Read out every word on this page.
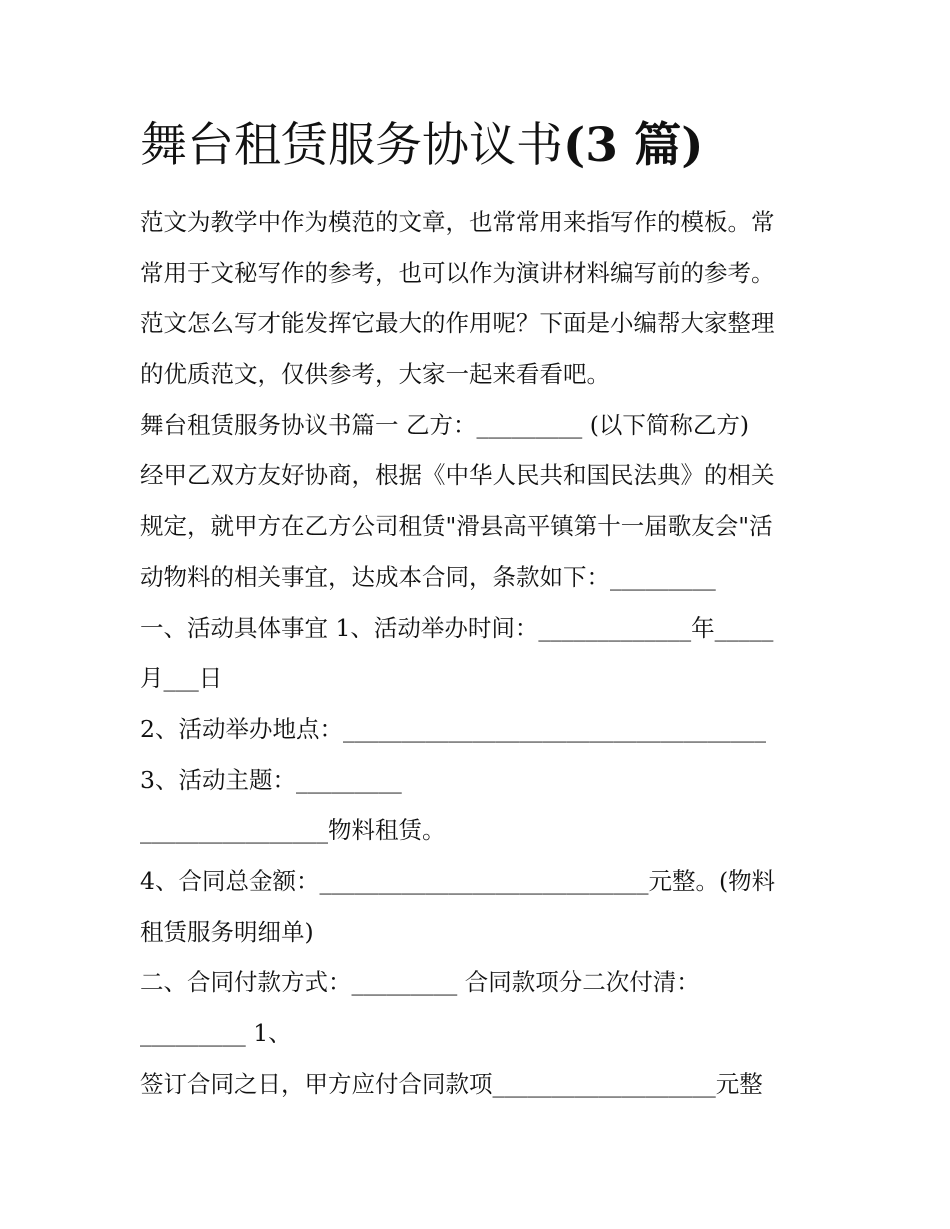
舞台租赁服务协议书(3 篇)
范文为教学中作为模范的文章，也常常用来指写作的模板。常
常用于文秘写作的参考，也可以作为演讲材料编写前的参考。
范文怎么写才能发挥它最大的作用呢？下面是小编帮大家整理
的优质范文，仅供参考，大家一起来看看吧。
舞台租赁服务协议书篇一 乙方：_________ (以下简称乙方)
经甲乙双方友好协商，根据《中华人民共和国民法典》的相关
规定，就甲方在乙方公司租赁"滑县高平镇第十一届歌友会"活
动物料的相关事宜，达成本合同，条款如下：_________
一、活动具体事宜 1、活动举办时间：_____________年_____
月___日
2、活动举办地点：____________________________________
3、活动主题：_________
________________物料租赁。
4、合同总金额：____________________________元整。(物料
租赁服务明细单)
二、合同付款方式：_________ 合同款项分二次付清：
_________ 1、
签订合同之日，甲方应付合同款项___________________元整
